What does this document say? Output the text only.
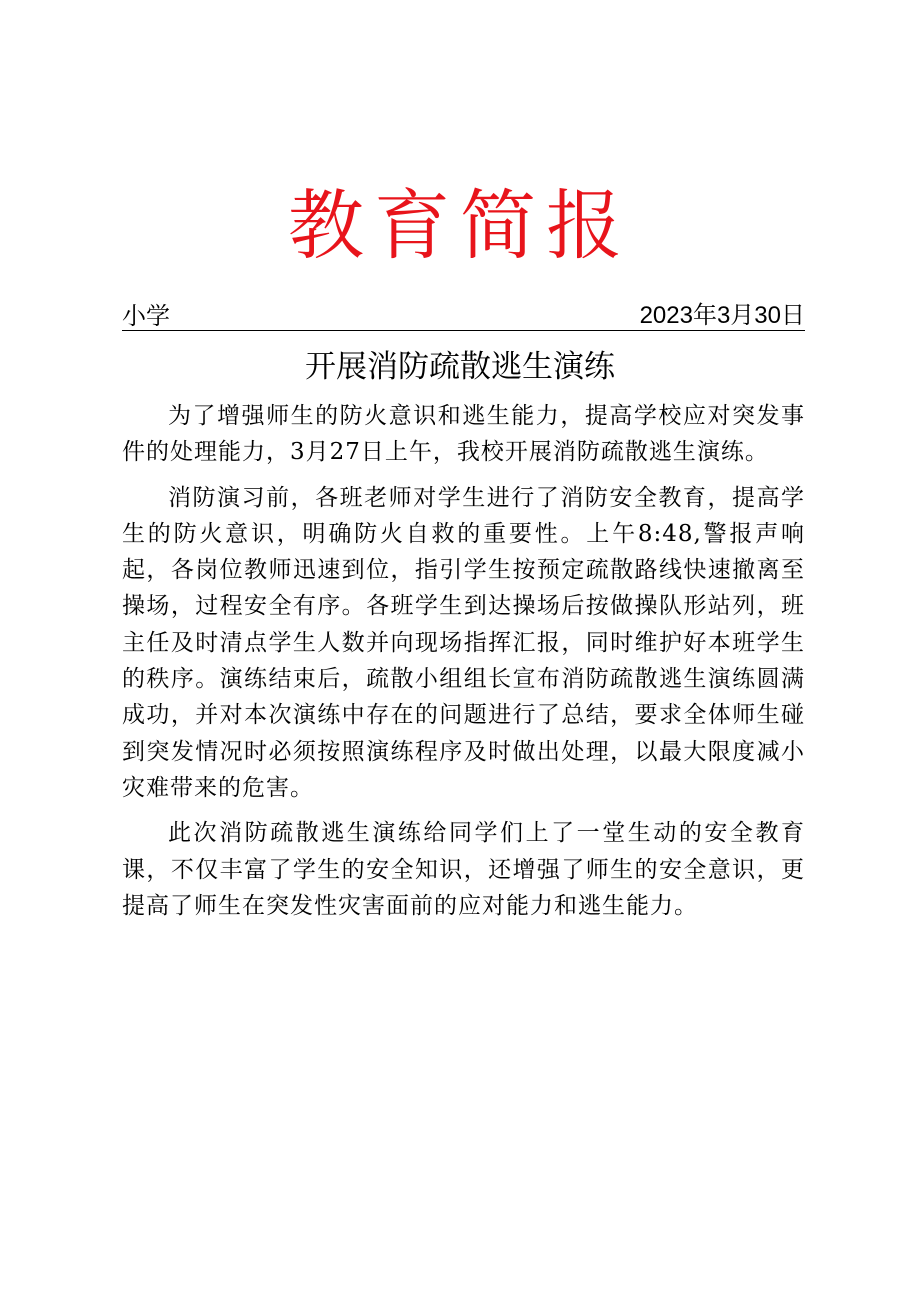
教育简报
小学	2023年3月30日
开展消防疏散逃生演练

为了增强师生的防火意识和逃生能力，提高学校应对突发事件的处理能力，3月27日上午，我校开展消防疏散逃生演练。

消防演习前，各班老师对学生进行了消防安全教育，提高学生的防火意识，明确防火自救的重要性。上午8:48,警报声响起，各岗位教师迅速到位，指引学生按预定疏散路线快速撤离至操场，过程安全有序。各班学生到达操场后按做操队形站列，班主任及时清点学生人数并向现场指挥汇报，同时维护好本班学生的秩序。演练结束后，疏散小组组长宣布消防疏散逃生演练圆满成功，并对本次演练中存在的问题进行了总结，要求全体师生碰到突发情况时必须按照演练程序及时做出处理，以最大限度减小灾难带来的危害。

此次消防疏散逃生演练给同学们上了一堂生动的安全教育课，不仅丰富了学生的安全知识，还增强了师生的安全意识，更提高了师生在突发性灾害面前的应对能力和逃生能力。
